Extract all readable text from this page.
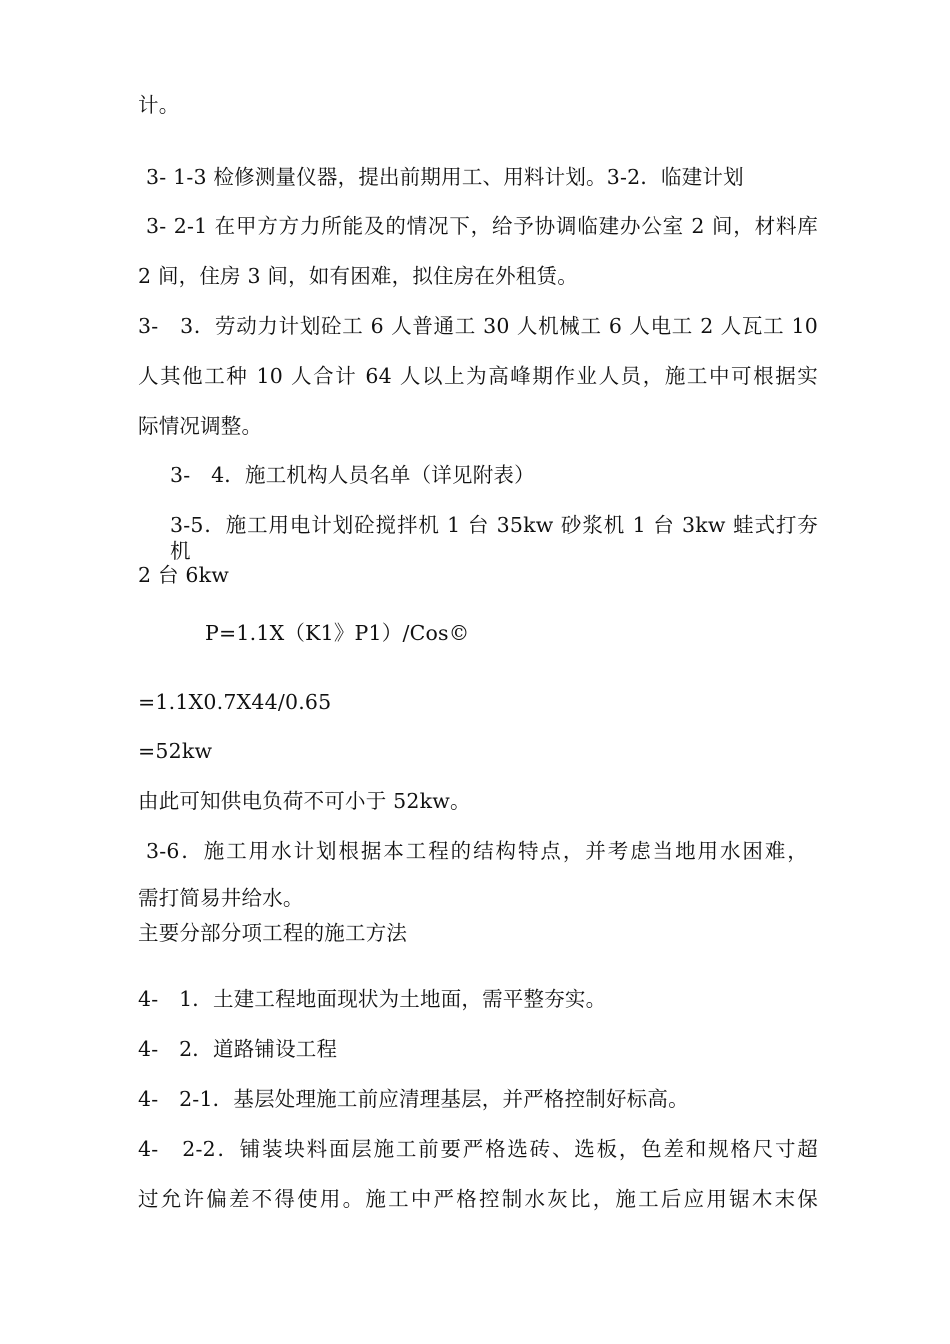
计。
3- 1-3 检修测量仪器，提出前期用工、用料计划。3-2．临建计划
3- 2-1 在甲方方力所能及的情况下，给予协调临建办公室 2 间，材料库
2 间，住房 3 间，如有困难，拟住房在外租赁。
3-　3．劳动力计划砼工 6 人普通工 30 人机械工 6 人电工 2 人瓦工 10
人其他工种 10 人合计 64 人以上为高峰期作业人员，施工中可根据实
际情况调整。
3-　4．施工机构人员名单（详见附表）
3-5．施工用电计划砼搅拌机 1 台 35kw 砂浆机 1 台 3kw 蛙式打夯机
2 台 6kw
P=1.1X（K1》P1）/Cos©
=1.1X0.7X44/0.65
=52kw
由此可知供电负荷不可小于 52kw。
3-6．施工用水计划根据本工程的结构特点，并考虑当地用水困难，
需打简易井给水。
主要分部分项工程的施工方法
4-　1．土建工程地面现状为土地面，需平整夯实。
4-　2．道路铺设工程
4-　2-1．基层处理施工前应清理基层，并严格控制好标高。
4-　2-2．铺装块料面层施工前要严格选砖、选板，色差和规格尺寸超
过允许偏差不得使用。施工中严格控制水灰比，施工后应用锯木末保
